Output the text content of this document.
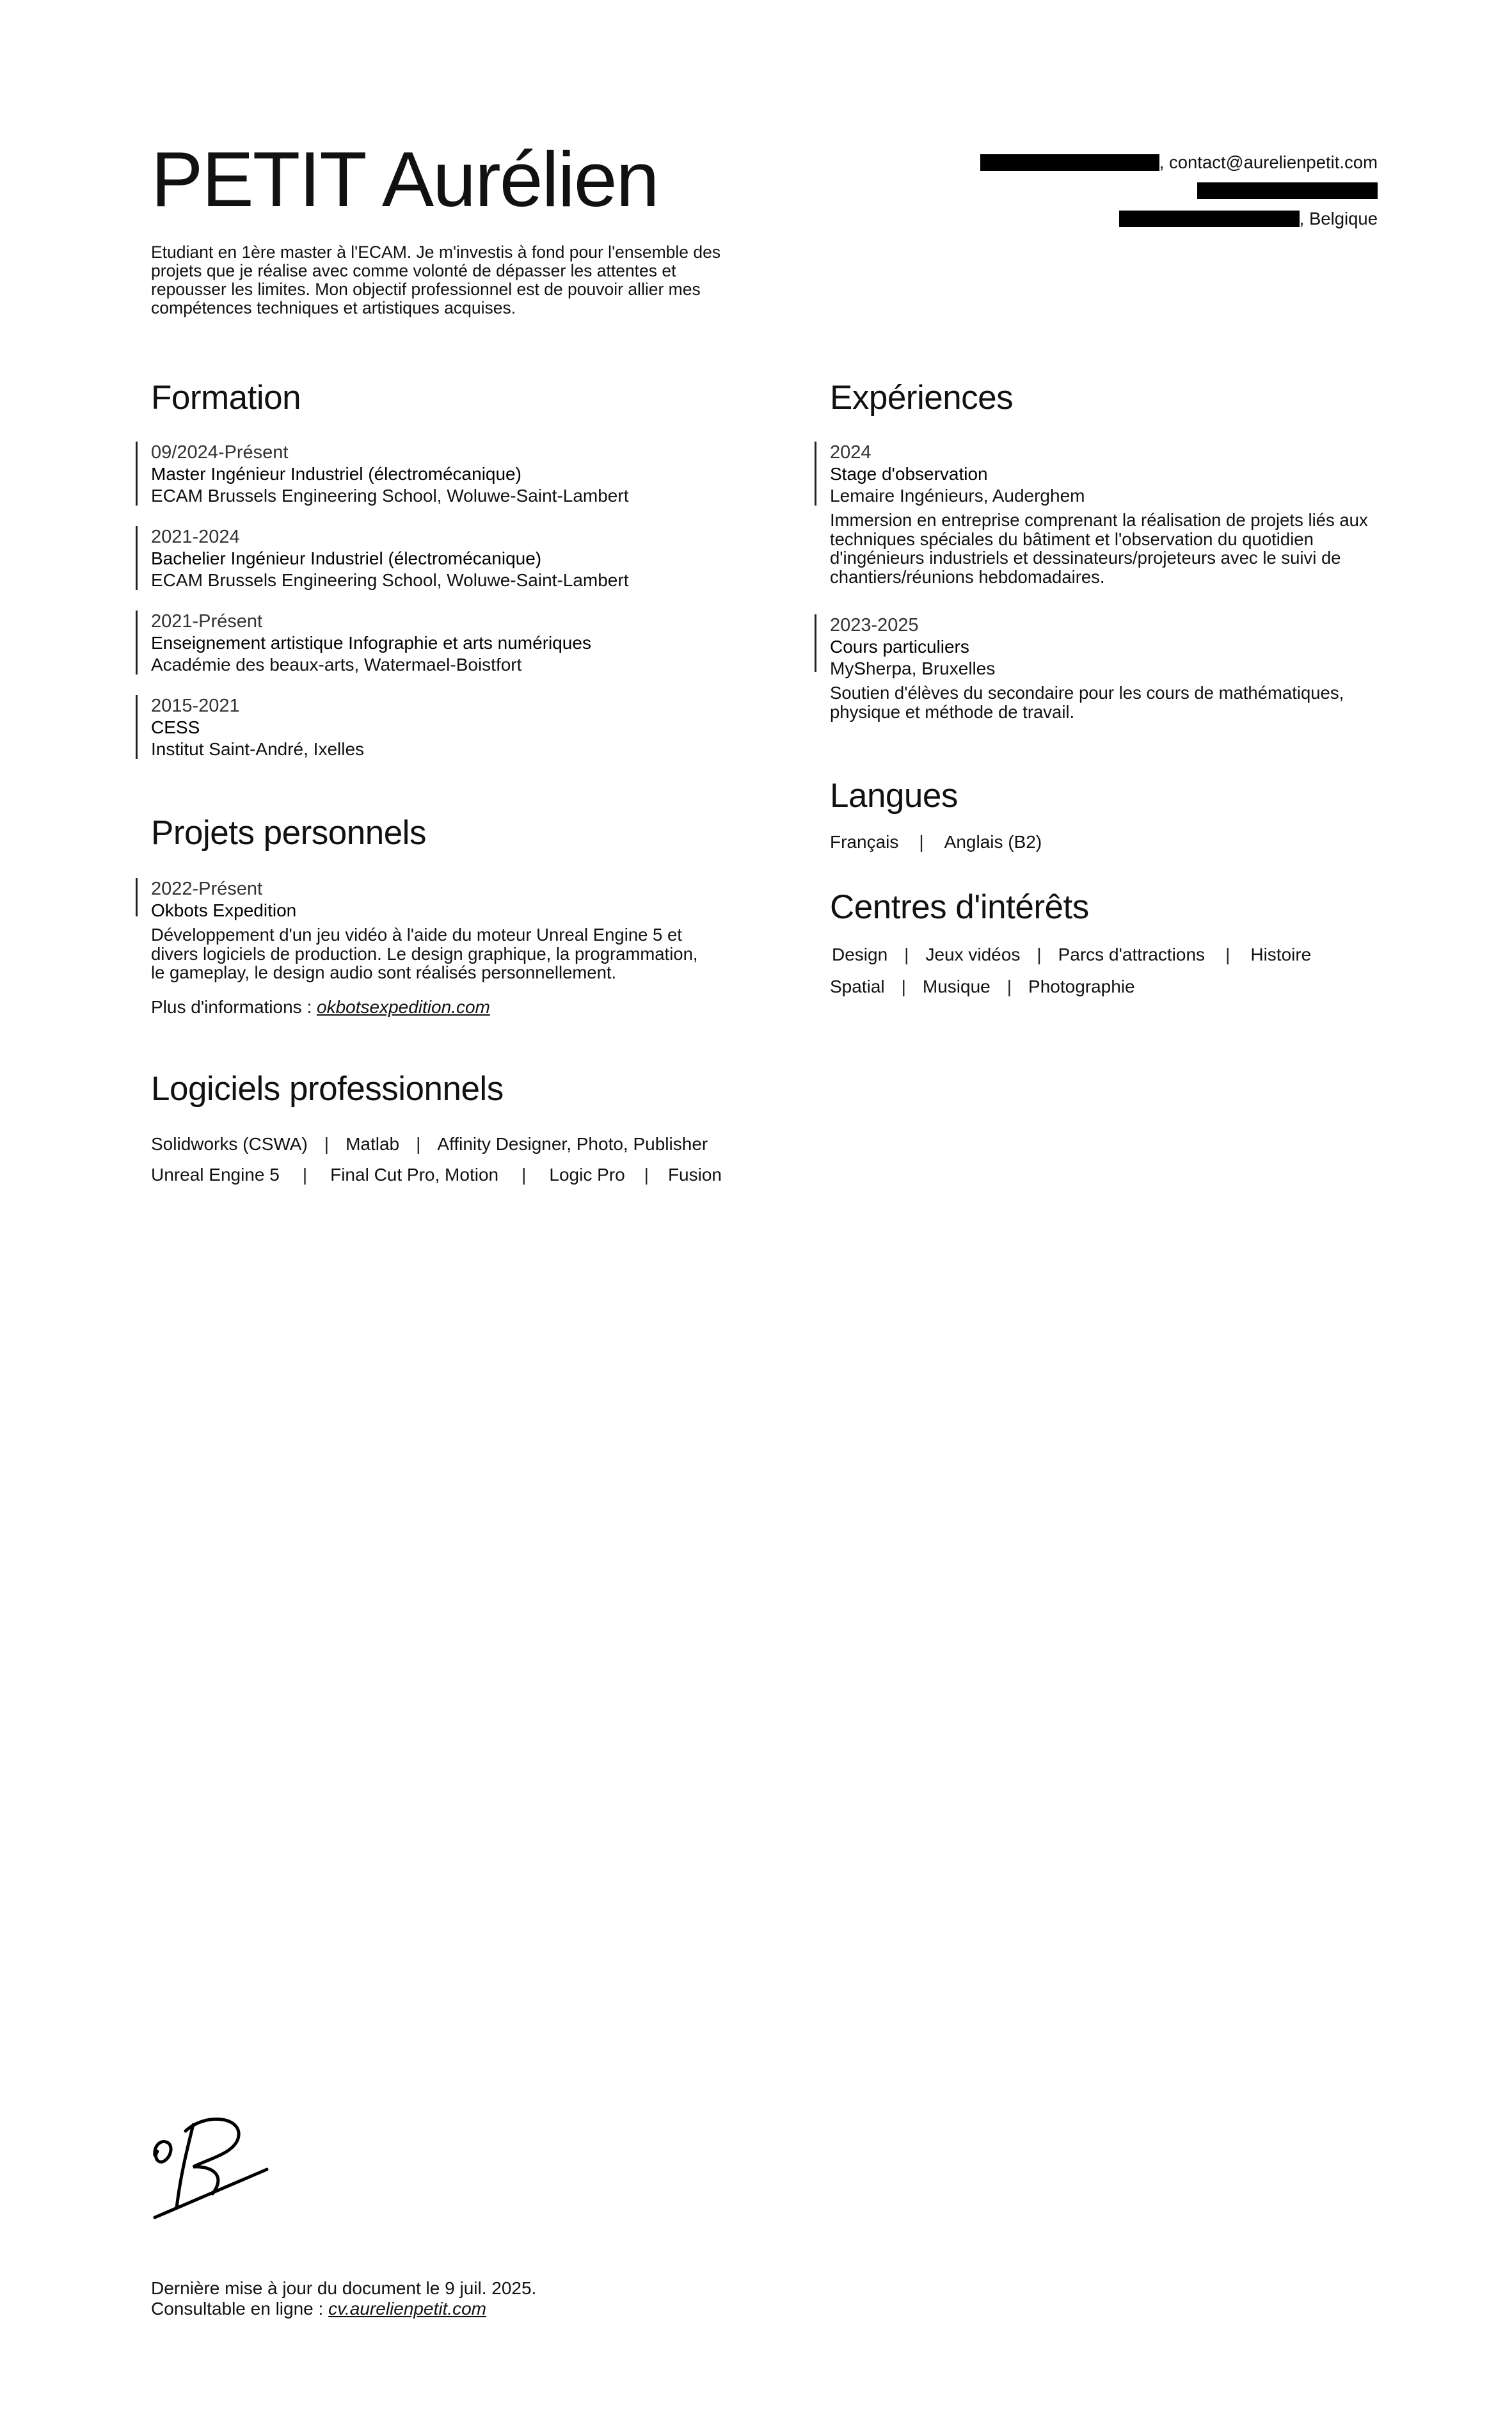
PETIT Aurélien
Etudiant en 1ère master à l'ECAM. Je m'investis à fond pour l'ensemble des projets que je réalise avec comme volonté de dépasser les attentes et repousser les limites. Mon objectif professionnel est de pouvoir allier mes compétences techniques et artistiques acquises.
, contact@aurelienpetit.com
, Belgique
Formation
09/2024-Présent
Master Ingénieur Industriel (électromécanique)
ECAM Brussels Engineering School, Woluwe-Saint-Lambert
2021-2024
Bachelier Ingénieur Industriel (électromécanique)
ECAM Brussels Engineering School, Woluwe-Saint-Lambert
2021-Présent
Enseignement artistique Infographie et arts numériques
Académie des beaux-arts, Watermael-Boistfort
2015-2021
CESS
Institut Saint-André, Ixelles
Projets personnels
2022-Présent
Okbots Expedition
Développement d'un jeu vidéo à l'aide du moteur Unreal Engine 5 et divers logiciels de production. Le design graphique, la programmation, le gameplay, le design audio sont réalisés personnellement.
Plus d'informations : okbotsexpedition.com
Logiciels professionnels
Solidworks (CSWA) | Matlab | Affinity Designer, Photo, Publisher
Unreal Engine 5 | Final Cut Pro, Motion | Logic Pro | Fusion
Expériences
2024
Stage d'observation
Lemaire Ingénieurs, Auderghem
Immersion en entreprise comprenant la réalisation de projets liés aux techniques spéciales du bâtiment et l'observation du quotidien d'ingénieurs industriels et dessinateurs/projeteurs avec le suivi de chantiers/réunions hebdomadaires.
2023-2025
Cours particuliers
MySherpa, Bruxelles
Soutien d'élèves du secondaire pour les cours de mathématiques, physique et méthode de travail.
Langues
Français | Anglais (B2)
Centres d'intérêts
Design | Jeux vidéos | Parcs d'attractions | Histoire
Spatial | Musique | Photographie
Dernière mise à jour du document le 9 juil. 2025.
Consultable en ligne : cv.aurelienpetit.com
